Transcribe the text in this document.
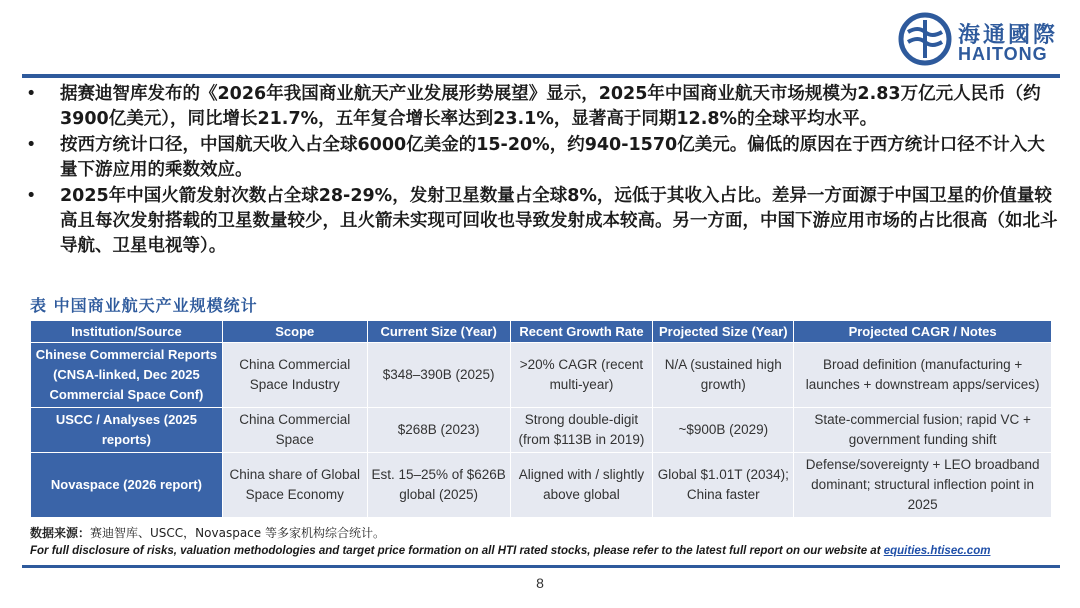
海通國際
HAITONG
• 据赛迪智库发布的《2026年我国商业航天产业发展形势展望》显示，2025年中国商业航天市场规模为2.83万亿元人民币（约3900亿美元），同比增长21.7%，五年复合增长率达到23.1%，显著高于同期12.8%的全球平均水平。
• 按西方统计口径，中国航天收入占全球6000亿美金的15-20%，约940-1570亿美元。偏低的原因在于西方统计口径不计入大量下游应用的乘数效应。
• 2025年中国火箭发射次数占全球28-29%，发射卫星数量占全球8%，远低于其收入占比。差异一方面源于中国卫星的价值量较高且每次发射搭载的卫星数量较少，且火箭未实现可回收也导致发射成本较高。另一方面，中国下游应用市场的占比很高（如北斗导航、卫星电视等）。
表 中国商业航天产业规模统计
Institution/Source	Scope	Current Size (Year)	Recent Growth Rate	Projected Size (Year)	Projected CAGR / Notes
Chinese Commercial Reports (CNSA-linked, Dec 2025 Commercial Space Conf)	China Commercial Space Industry	$348–390B (2025)	>20% CAGR (recent multi-year)	N/A (sustained high growth)	Broad definition (manufacturing + launches + downstream apps/services)
USCC / Analyses (2025 reports)	China Commercial Space	$268B (2023)	Strong double-digit (from $113B in 2019)	~$900B (2029)	State-commercial fusion; rapid VC + government funding shift
Novaspace (2026 report)	China share of Global Space Economy	Est. 15–25% of $626B global (2025)	Aligned with / slightly above global	Global $1.01T (2034); China faster	Defense/sovereignty + LEO broadband dominant; structural inflection point in 2025
数据来源：赛迪智库、USCC，Novaspace 等多家机构综合统计。
For full disclosure of risks, valuation methodologies and target price formation on all HTI rated stocks, please refer to the latest full report on our website at equities.htisec.com
8
